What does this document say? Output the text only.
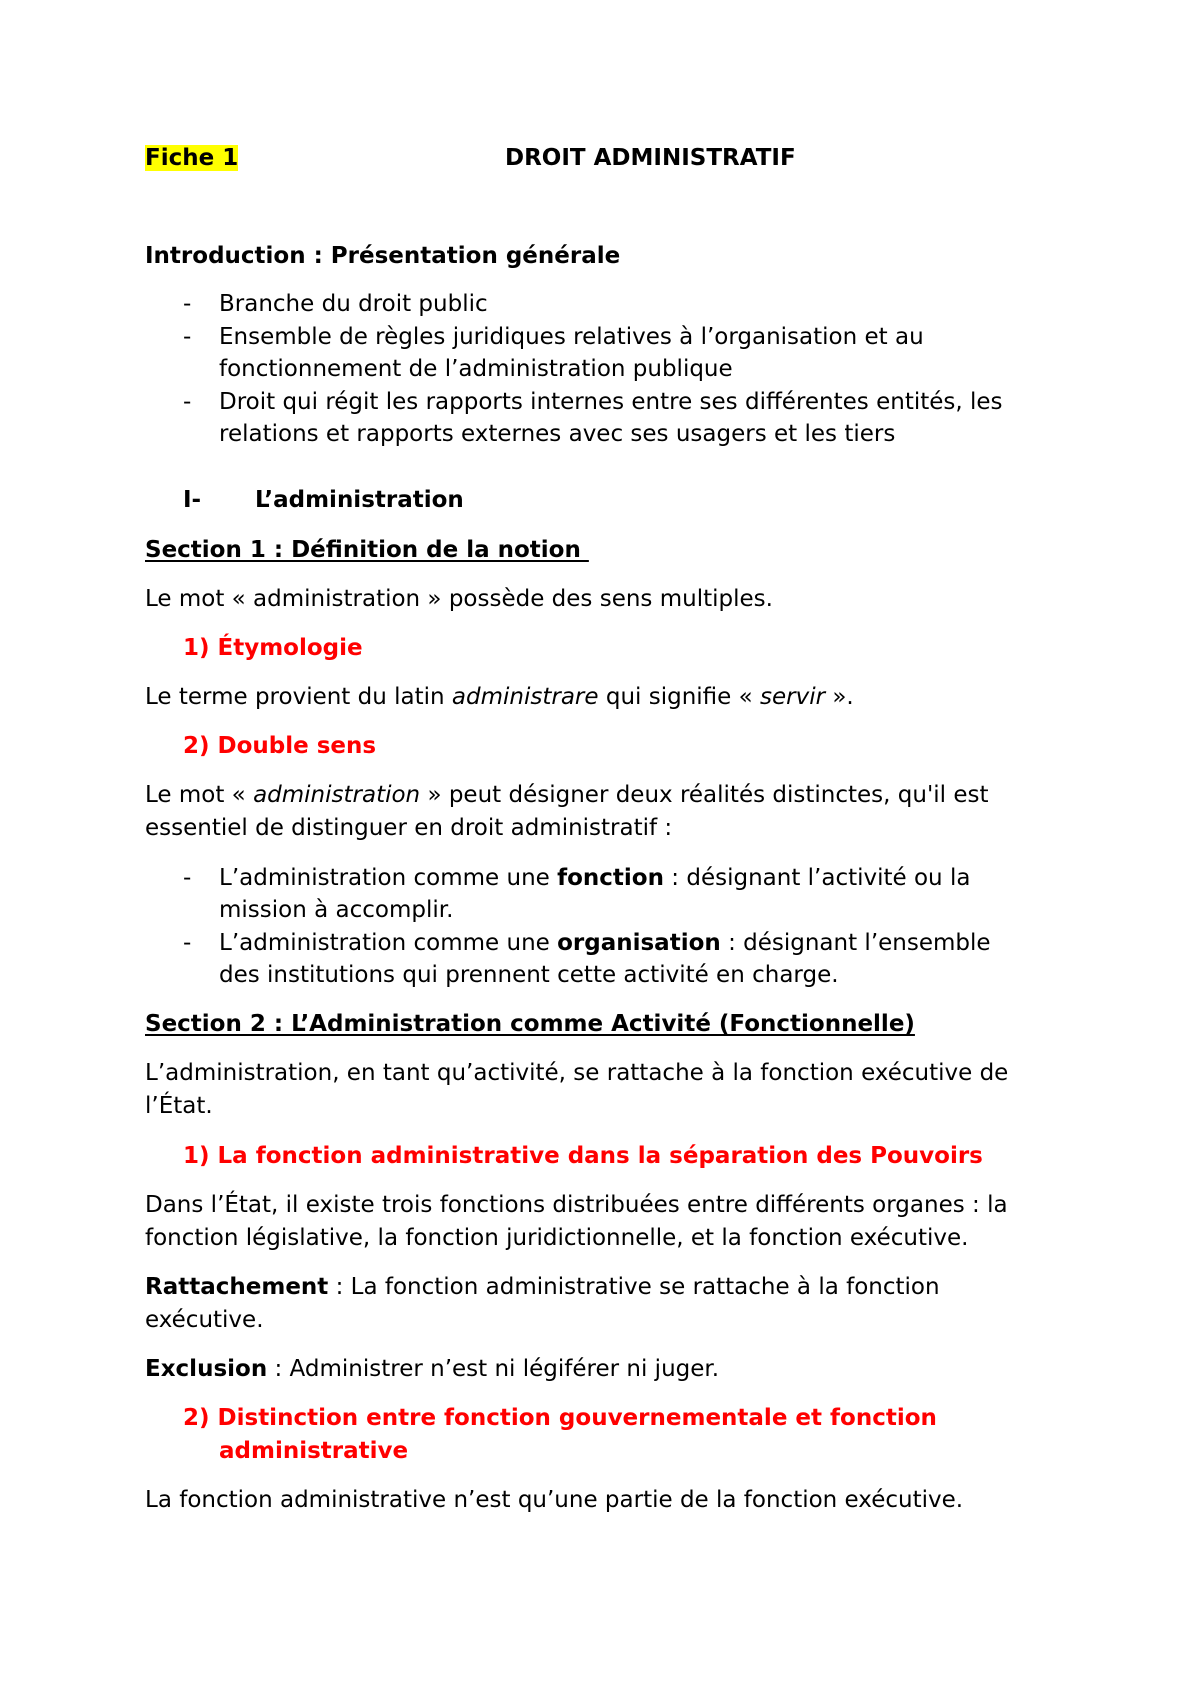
Fiche 1	DROIT ADMINISTRATIF

Introduction : Présentation générale

-	Branche du droit public

-	Ensemble de règles juridiques relatives à l’organisation et au

fonctionnement de l’administration publique

-	Droit qui régit les rapports internes entre ses différentes entités, les

relations et rapports externes avec ses usagers et les tiers

I- L’administration

Section 1 : Définition de la notion

Le mot « administration » possède des sens multiples.

1) Étymologie

Le terme provient du latin administrare qui signifie « servir ».

2) Double sens

Le mot « administration » peut désigner deux réalités distinctes, qu'il est

essentiel de distinguer en droit administratif :

-	L’administration comme une fonction : désignant l’activité ou la

mission à accomplir.

-	L’administration comme une organisation : désignant l’ensemble

des institutions qui prennent cette activité en charge.

Section 2 : L’Administration comme Activité (Fonctionnelle)

L’administration, en tant qu’activité, se rattache à la fonction exécutive de

l’État.

1) La fonction administrative dans la séparation des Pouvoirs

Dans l’État, il existe trois fonctions distribuées entre différents organes : la

fonction législative, la fonction juridictionnelle, et la fonction exécutive.

Rattachement : La fonction administrative se rattache à la fonction

exécutive.

Exclusion : Administrer n’est ni légiférer ni juger.

2) Distinction entre fonction gouvernementale et fonction

administrative

La fonction administrative n’est qu’une partie de la fonction exécutive.
